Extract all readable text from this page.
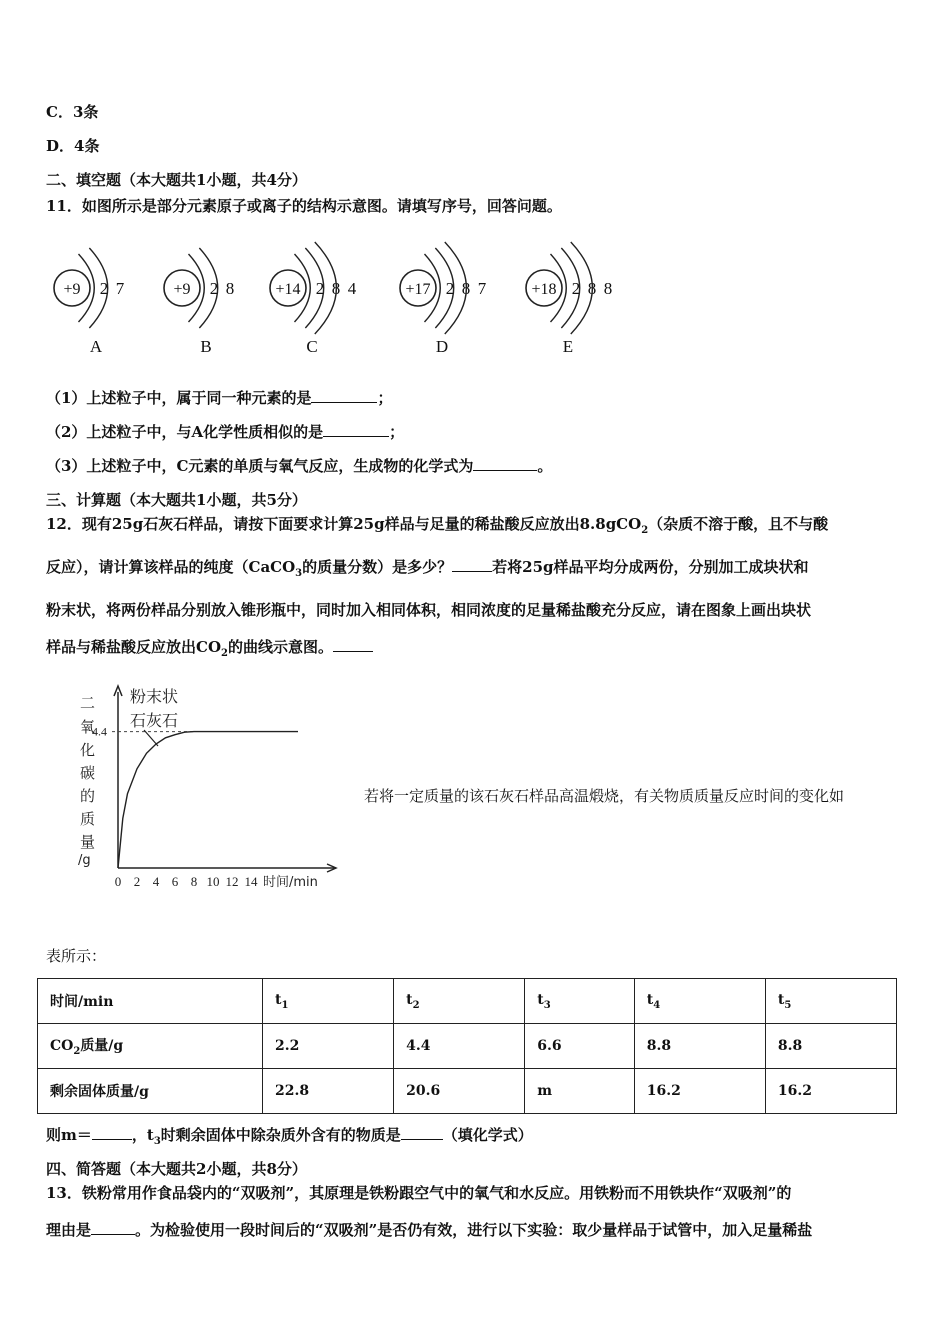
C．3条
D．4条
二、填空题（本大题共1小题，共4分）
11．如图所示是部分元素原子或离子的结构示意图。请填写序号，回答问题。
+9 2 7
A
+9 2 8
B
+14 2 8 4
C
+17 2 8 7
D
+18 2 8 8
E
（1）上述粒子中，属于同一种元素的是	；
（2）上述粒子中，与A化学性质相似的是	；
（3）上述粒子中，C元素的单质与氧气反应，生成物的化学式为	。
三、计算题（本大题共1小题，共5分）
12．现有25g石灰石样品，请按下面要求计算25g样品与足量的稀盐酸反应放出8.8gCO$_2$（杂质不溶于酸，且不与酸
反应），请计算该样品的纯度（CaCO$_3$的质量分数）是多少？	若将25g样品平均分成两份，分别加工成块状和
粉末状，将两份样品分别放入锥形瓶中，同时加入相同体积，相同浓度的足量稀盐酸充分反应，请在图象上画出块状
样品与稀盐酸反应放出$CO_2$的曲线示意图。
二
氧
化
碳
的
质
量
/g
粉末状
石灰石
0 2 4 6 8 10 12 14 时间/min
4.4
若将一定质量的该石灰石样品高温煅烧，有关物质质量反应时间的变化如
表所示：
时间/min	$t_1$	$t_2$	$t_3$	$t_4$	$t_5$
$CO_2$质量/g	2.2	4.4	6.6	8.8	8.8
剩余固体质量/g	22.8	20.6	m	16.2	16.2
则m＝	，$t_3$时剩余固体中除杂质外含有的物质是	（填化学式）
四、简答题（本大题共2小题，共8分）
13．铁粉常用作食品袋内的“双吸剂”，其原理是铁粉跟空气中的氧气和水反应。用铁粉而不用铁块作“双吸剂”的
理由是	。为检验使用一段时间后的“双吸剂”是否仍有效，进行以下实验：取少量样品于试管中，加入足量稀盐
